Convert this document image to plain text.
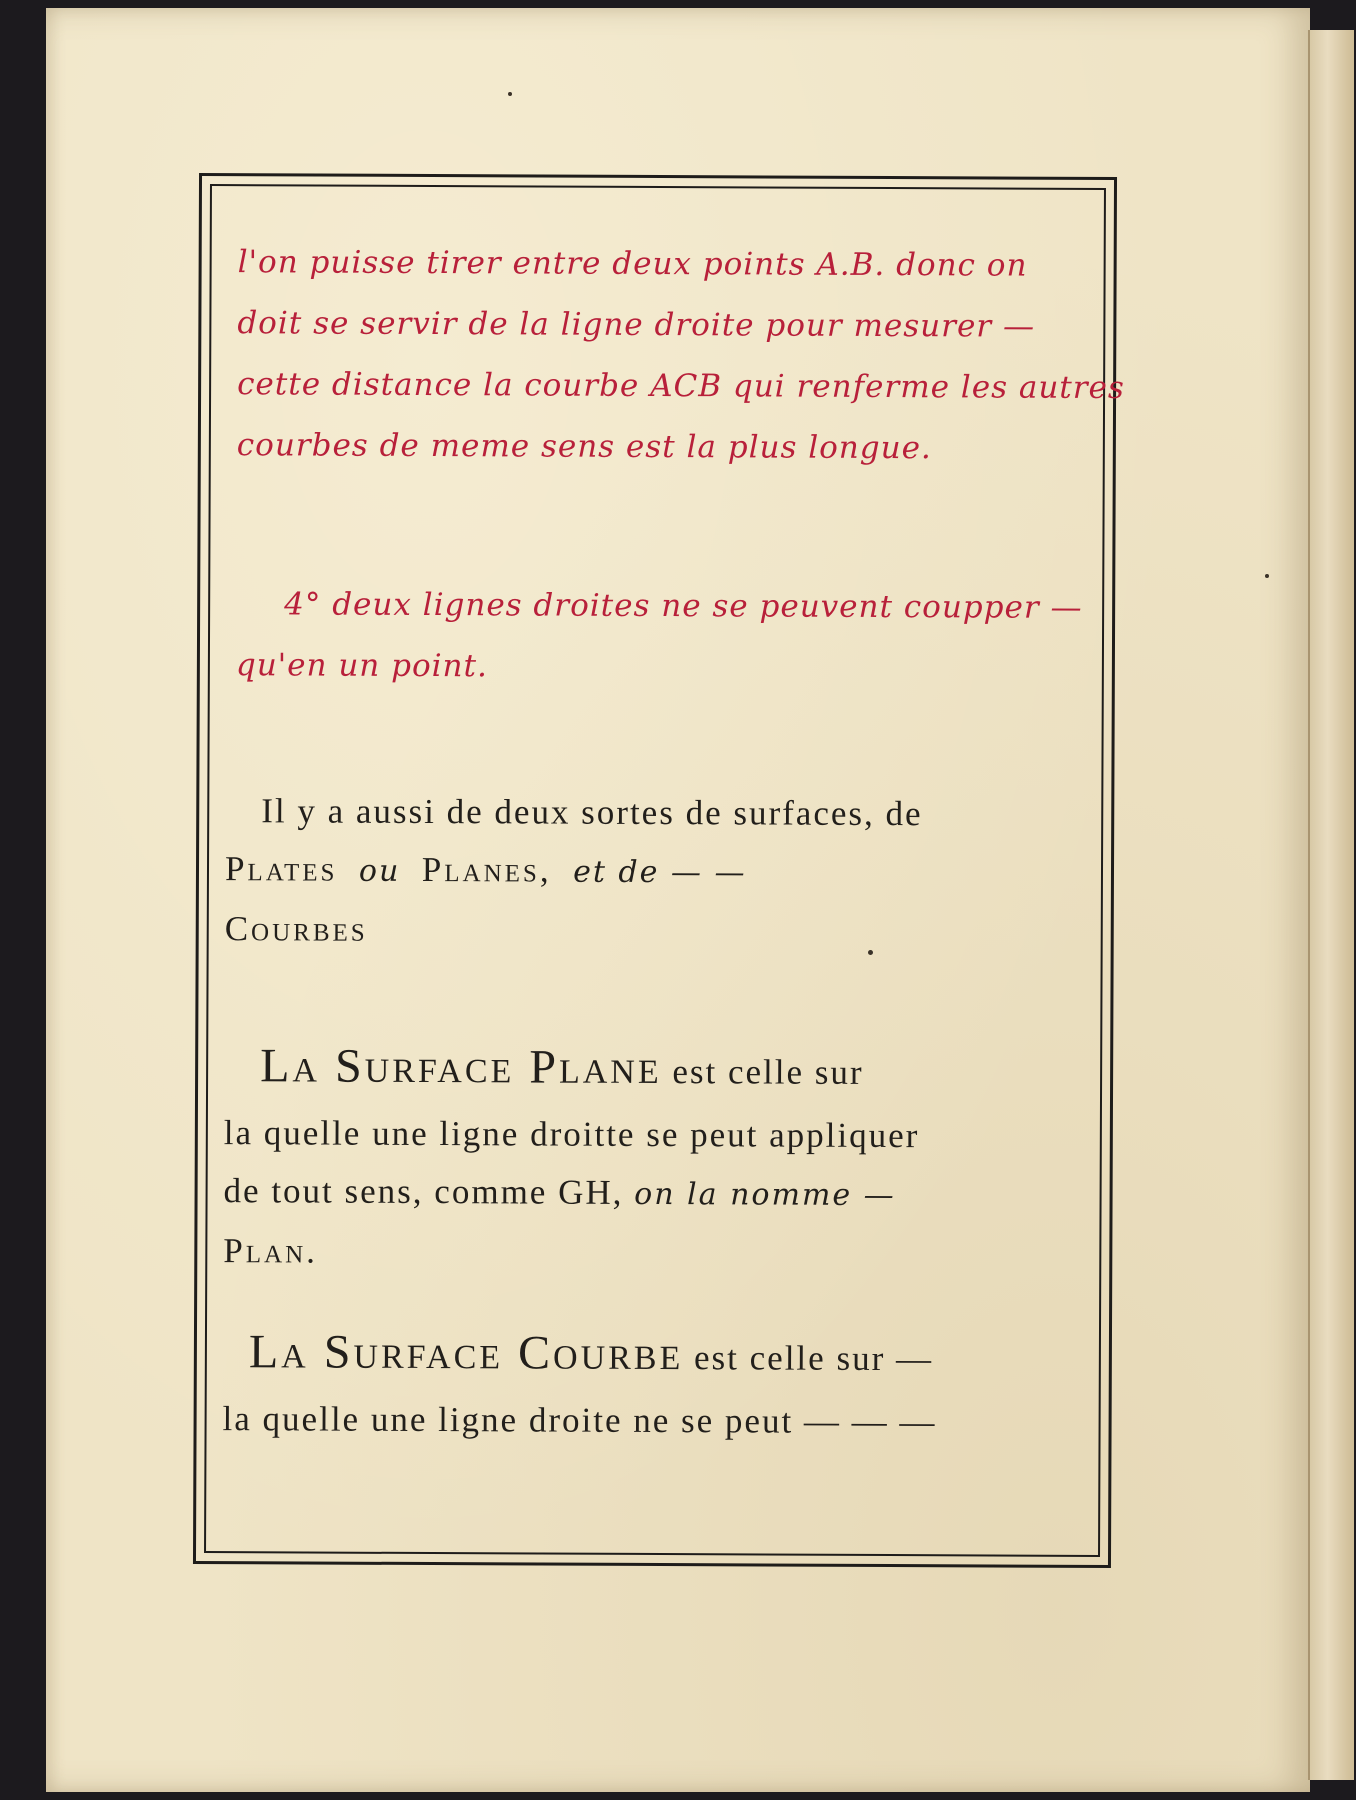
l'on puisse tirer entre deux points A.B. donc on
doit se servir de la ligne droite pour mesurer —
cette distance la courbe ACB qui renferme les autres
courbes de meme sens est la plus longue.
4° deux lignes droites ne se peuvent coupper —
qu'en un point.
Il y a aussi de deux sortes de surfaces, de
Plates ou Planes, et de — —
Courbes
La Surface Plane est celle sur
la quelle une ligne droitte se peut appliquer
de tout sens, comme GH, on la nomme —
Plan.
La Surface Courbe est celle sur —
la quelle une ligne droite ne se peut — — —
